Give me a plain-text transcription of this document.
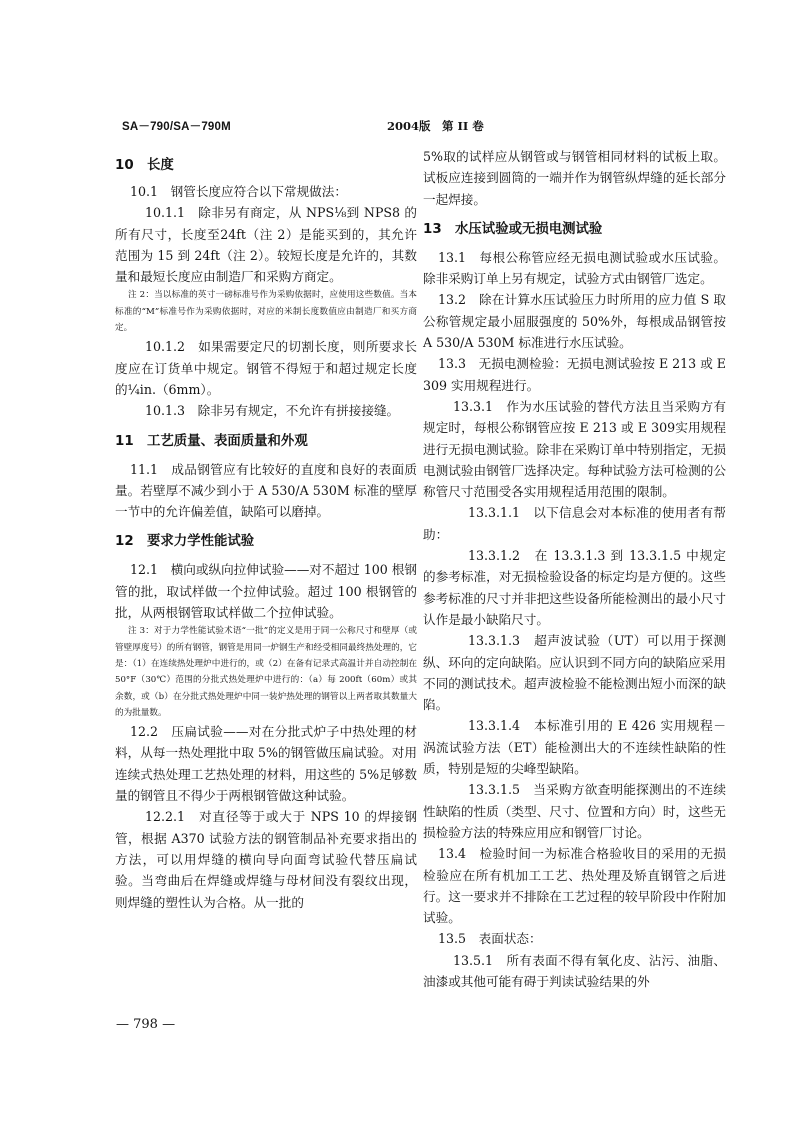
SA－790/SA－790M	2004版　第 II 卷
10　长度

10.1　钢管长度应符合以下常规做法：

10.1.1　除非另有商定，从 NPS⅛到 NPS8 的所有尺寸，长度至24ft（注 2）是能买到的，其允许范围为 15 到 24ft（注 2）。较短长度是允许的，其数量和最短长度应由制造厂和采购方商定。

注 2：当以标准的英寸一磅标准号作为采购依据时，应使用这些数值。当本标准的“M”标准号作为采购依据时，对应的米制长度数值应由制造厂和买方商定。

10.1.2　如果需要定尺的切割长度，则所要求长度应在订货单中规定。钢管不得短于和超过规定长度的¼in.（6mm）。

10.1.3　除非另有规定，不允许有拼接接缝。

11　工艺质量、表面质量和外观

11.1　成品钢管应有比较好的直度和良好的表面质量。若壁厚不减少到小于 A 530/A 530M 标准的壁厚一节中的允许偏差值，缺陷可以磨掉。

12　要求力学性能试验

12.1　横向或纵向拉伸试验——对不超过 100 根钢管的批，取试样做一个拉伸试验。超过 100 根钢管的批，从两根钢管取试样做二个拉伸试验。

注 3：对于力学性能试验术语“一批”的定义是用于同一公称尺寸和壁厚（或管壁厚度号）的所有钢管，钢管是用同一炉钢生产和经受相同最终热处理的，它是：（1）在连续热处理炉中进行的，或（2）在备有记录式高温计并自动控制在50°F（30℃）范围的分批式热处理炉中进行的：（a）每 200ft（60m）或其余数，或（b）在分批式热处理炉中同一装炉热处理的钢管以上两者取其数量大的为批量数。

12.2　压扁试验——对在分批式炉子中热处理的材料，从每一热处理批中取 5%的钢管做压扁试验。对用连续式热处理工艺热处理的材料，用这些的 5%足够数量的钢管且不得少于两根钢管做这种试验。

12.2.1　对直径等于或大于 NPS 10 的焊接钢管，根据 A370 试验方法的钢管制品补充要求指出的方法，可以用焊缝的横向导向面弯试验代替压扁试验。当弯曲后在焊缝或焊缝与母材间没有裂纹出现，则焊缝的塑性认为合格。从一批的

5%取的试样应从钢管或与钢管相同材料的试板上取。试板应连接到圆筒的一端并作为钢管纵焊缝的延长部分一起焊接。

13　水压试验或无损电测试验

13.1　每根公称管应经无损电测试验或水压试验。除非采购订单上另有规定，试验方式由钢管厂选定。

13.2　除在计算水压试验压力时所用的应力值 S 取公称管规定最小屈服强度的 50%外，每根成品钢管按 A 530/A 530M 标准进行水压试验。

13.3　无损电测检验：无损电测试验按 E 213 或 E 309 实用规程进行。

13.3.1　作为水压试验的替代方法且当采购方有规定时，每根公称钢管应按 E 213 或 E 309实用规程进行无损电测试验。除非在采购订单中特别指定，无损电测试验由钢管厂选择决定。每种试验方法可检测的公称管尺寸范围受各实用规程适用范围的限制。

13.3.1.1　以下信息会对本标准的使用者有帮助：

13.3.1.2　在 13.3.1.3 到 13.3.1.5 中规定的参考标准，对无损检验设备的标定均是方便的。这些参考标准的尺寸并非把这些设备所能检测出的最小尺寸认作是最小缺陷尺寸。

13.3.1.3　超声波试验（UT）可以用于探测纵、环向的定向缺陷。应认识到不同方向的缺陷应采用不同的测试技术。超声波检验不能检测出短小而深的缺陷。

13.3.1.4　本标准引用的 E 426 实用规程－涡流试验方法（ET）能检测出大的不连续性缺陷的性质，特别是短的尖峰型缺陷。

13.3.1.5　当采购方欲查明能探测出的不连续性缺陷的性质（类型、尺寸、位置和方向）时，这些无损检验方法的特殊应用应和钢管厂讨论。

13.4　检验时间一为标准合格验收目的采用的无损检验应在所有机加工工艺、热处理及矫直钢管之后进行。这一要求并不排除在工艺过程的较早阶段中作附加试验。

13.5　表面状态：

13.5.1　所有表面不得有氧化皮、沾污、油脂、油漆或其他可能有碍于判读试验结果的外

— 798 —
